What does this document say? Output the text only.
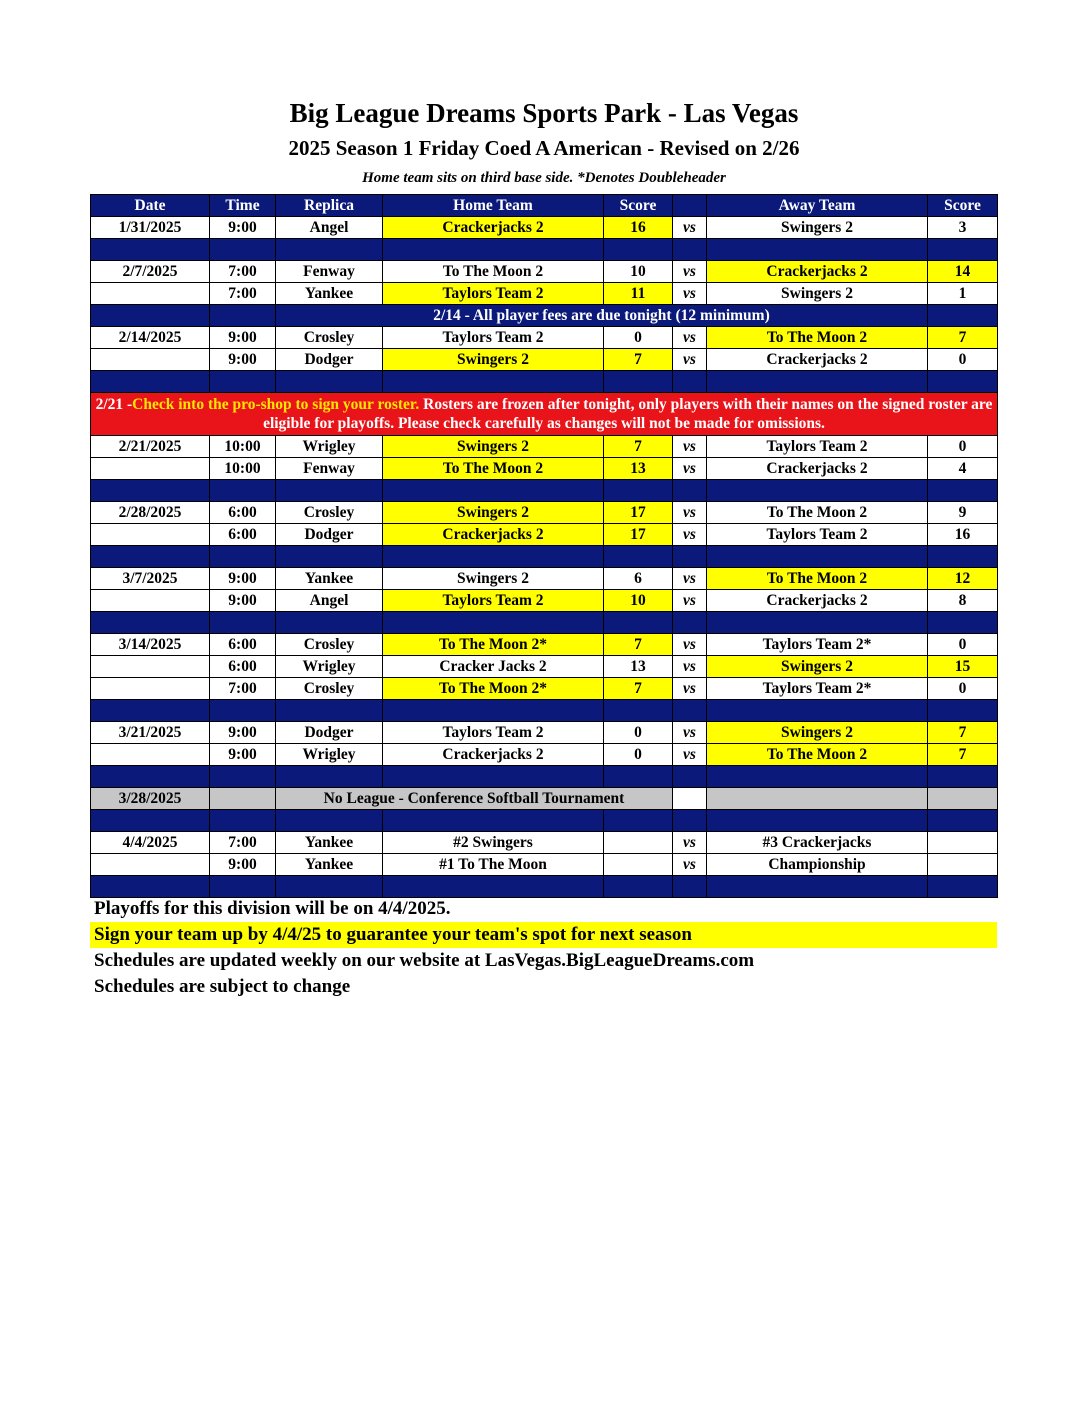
Big League Dreams Sports Park - Las Vegas
2025 Season 1 Friday Coed A American - Revised on 2/26
Home team sits on third base side. *Denotes Doubleheader
Date	Time	Replica	Home Team	Score		Away Team	Score
1/31/2025	9:00	Angel	Crackerjacks 2	16	vs	Swingers 2	3

2/7/2025	7:00	Fenway	To The Moon 2	10	vs	Crackerjacks 2	14
	7:00	Yankee	Taylors Team 2	11	vs	Swingers 2	1
		2/14 - All player fees are due tonight (12 minimum)					
2/14/2025	9:00	Crosley	Taylors Team 2	0	vs	To The Moon 2	7
	9:00	Dodger	Swingers 2	7	vs	Crackerjacks 2	0

2/21 -Check into the pro-shop to sign your roster. Rosters are frozen after tonight, only players with their names on the signed roster are eligible for playoffs. Please check carefully as changes will not be made for omissions.							
2/21/2025	10:00	Wrigley	Swingers 2	7	vs	Taylors Team 2	0
	10:00	Fenway	To The Moon 2	13	vs	Crackerjacks 2	4

2/28/2025	6:00	Crosley	Swingers 2	17	vs	To The Moon 2	9
	6:00	Dodger	Crackerjacks 2	17	vs	Taylors Team 2	16

3/7/2025	9:00	Yankee	Swingers 2	6	vs	To The Moon 2	12
	9:00	Angel	Taylors Team 2	10	vs	Crackerjacks 2	8

3/14/2025	6:00	Crosley	To The Moon 2*	7	vs	Taylors Team 2*	0
	6:00	Wrigley	Cracker Jacks 2	13	vs	Swingers 2	15
	7:00	Crosley	To The Moon 2*	7	vs	Taylors Team 2*	0

3/21/2025	9:00	Dodger	Taylors Team 2	0	vs	Swingers 2	7
	9:00	Wrigley	Crackerjacks 2	0	vs	To The Moon 2	7

3/28/2025		No League - Conference Softball Tournament					

4/4/2025	7:00	Yankee	#2 Swingers		vs	#3 Crackerjacks	
	9:00	Yankee	#1 To The Moon		vs	Championship	

Playoffs for this division will be on 4/4/2025.
Sign your team up by 4/4/25 to guarantee your team's spot for next season
Schedules are updated weekly on our website at LasVegas.BigLeagueDreams.com
Schedules are subject to change
